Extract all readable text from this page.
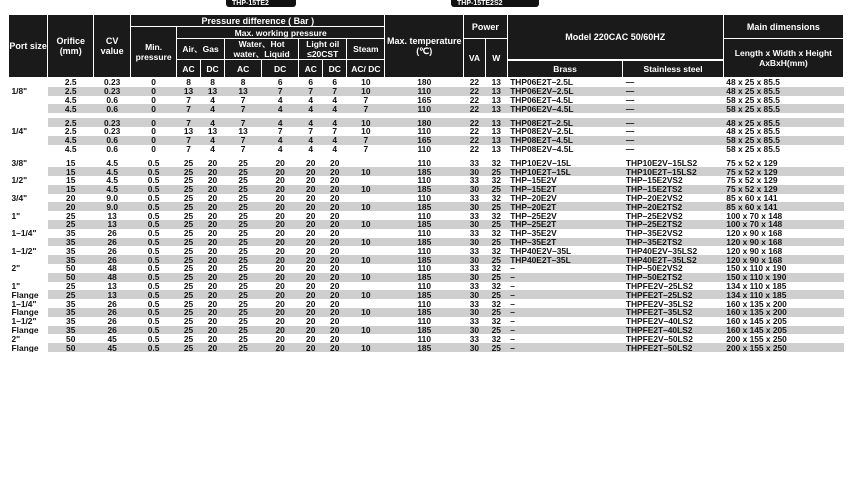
THP-15TE2	THP-15TE2S2
Port size	Orifice (mm)	CV value	Pressure difference ( Bar )								Max. temperature (℃)	Power		Model 220CAC 50/60HZ		Main dimensions
			Min. pressure	Max. working pressure												
				Air、Gas		Water、Hot water、Liquid		Light oil ≤20CST		Steam		VA	W			Length x Width x Height AxBxH(mm)
				AC	DC	AC	DC	AC	DC	AC/ DC				Brass	Stainless steel	
	2.5	0.23	0	8	8	8	6	6	6	10	180	22	13	THP06E2T–2.5L	—	48 x 25 x 85.5
1/8"	2.5	0.23	0	13	13	13	7	7	7	10	110	22	13	THP06E2V–2.5L	—	48 x 25 x 85.5
	4.5	0.6	0	7	4	7	4	4	4	7	165	22	13	THP06E2T–4.5L	—	58 x 25 x 85.5
	4.5	0.6	0	7	4	7	4	4	4	7	110	22	13	THP06E2V–4.5L	—	58 x 25 x 85.5

	2.5	0.23	0	7	4	7	4	4	4	10	180	22	13	THP08E2T–2.5L	—	48 x 25 x 85.5
1/4"	2.5	0.23	0	13	13	13	7	7	7	10	110	22	13	THP08E2V–2.5L	—	48 x 25 x 85.5
	4.5	0.6	0	7	4	7	4	4	4	7	165	22	13	THP08E2T–4.5L	—	58 x 25 x 85.5
	4.5	0.6	0	7	4	7	4	4	4	7	110	22	13	THP08E2V–4.5L	—	58 x 25 x 85.5

3/8"	15	4.5	0.5	25	20	25	20	20	20		110	33	32	THP10E2V–15L	THP10E2V–15LS2	75 x 52 x 129
	15	4.5	0.5	25	20	25	20	20	20	10	185	30	25	THP10E2T–15L	THP10E2T–15LS2	75 x 52 x 129
1/2"	15	4.5	0.5	25	20	25	20	20	20		110	33	32	THP–15E2V	THP–15E2VS2	75 x 52 x 129
	15	4.5	0.5	25	20	25	20	20	20	10	185	30	25	THP–15E2T	THP–15E2TS2	75 x 52 x 129
3/4"	20	9.0	0.5	25	20	25	20	20	20		110	33	32	THP–20E2V	THP–20E2VS2	85 x 60 x 141
	20	9.0	0.5	25	20	25	20	20	20	10	185	30	25	THP–20E2T	THP–20E2TS2	85 x 60 x 141
1"	25	13	0.5	25	20	25	20	20	20		110	33	32	THP–25E2V	THP–25E2VS2	100 x 70 x 148
	25	13	0.5	25	20	25	20	20	20	10	185	30	25	THP–25E2T	THP–25E2TS2	100 x 70 x 148
1–1/4"	35	26	0.5	25	20	25	20	20	20		110	33	32	THP–35E2V	THP–35E2VS2	120 x 90 x 168
	35	26	0.5	25	20	25	20	20	20	10	185	30	25	THP–35E2T	THP–35E2TS2	120 x 90 x 168
1–1/2"	35	26	0.5	25	20	25	20	20	20		110	33	32	THP40E2V–35L	THP40E2V–35LS2	120 x 90 x 168
	35	26	0.5	25	20	25	20	20	20	10	185	30	25	THP40E2T–35L	THP40E2T–35LS2	120 x 90 x 168
2"	50	48	0.5	25	20	25	20	20	20		110	33	32	–	THP–50E2VS2	150 x 110 x 190
	50	48	0.5	25	20	25	20	20	20	10	185	30	25	–	THP–50E2TS2	150 x 110 x 190
1"	25	13	0.5	25	20	25	20	20	20		110	33	32	–	THPFE2V–25LS2	134 x 110 x 185
Flange	25	13	0.5	25	20	25	20	20	20	10	185	30	25	–	THPFE2T–25LS2	134 x 110 x 185
1–1/4"	35	26	0.5	25	20	25	20	20	20		110	33	32	–	THPFE2V–35LS2	160 x 135 x 200
Flange	35	26	0.5	25	20	25	20	20	20	10	185	30	25	–	THPFE2T–35LS2	160 x 135 x 200
1–1/2"	35	26	0.5	25	20	25	20	20	20		110	33	32	–	THPFE2V–40LS2	160 x 145 x 205
Flange	35	26	0.5	25	20	25	20	20	20	10	185	30	25	–	THPFE2T–40LS2	160 x 145 x 205
2"	50	45	0.5	25	20	25	20	20	20		110	33	32	–	THPFE2V–50LS2	200 x 155 x 250
Flange	50	45	0.5	25	20	25	20	20	20	10	185	30	25	–	THPFE2T–50LS2	200 x 155 x 250
